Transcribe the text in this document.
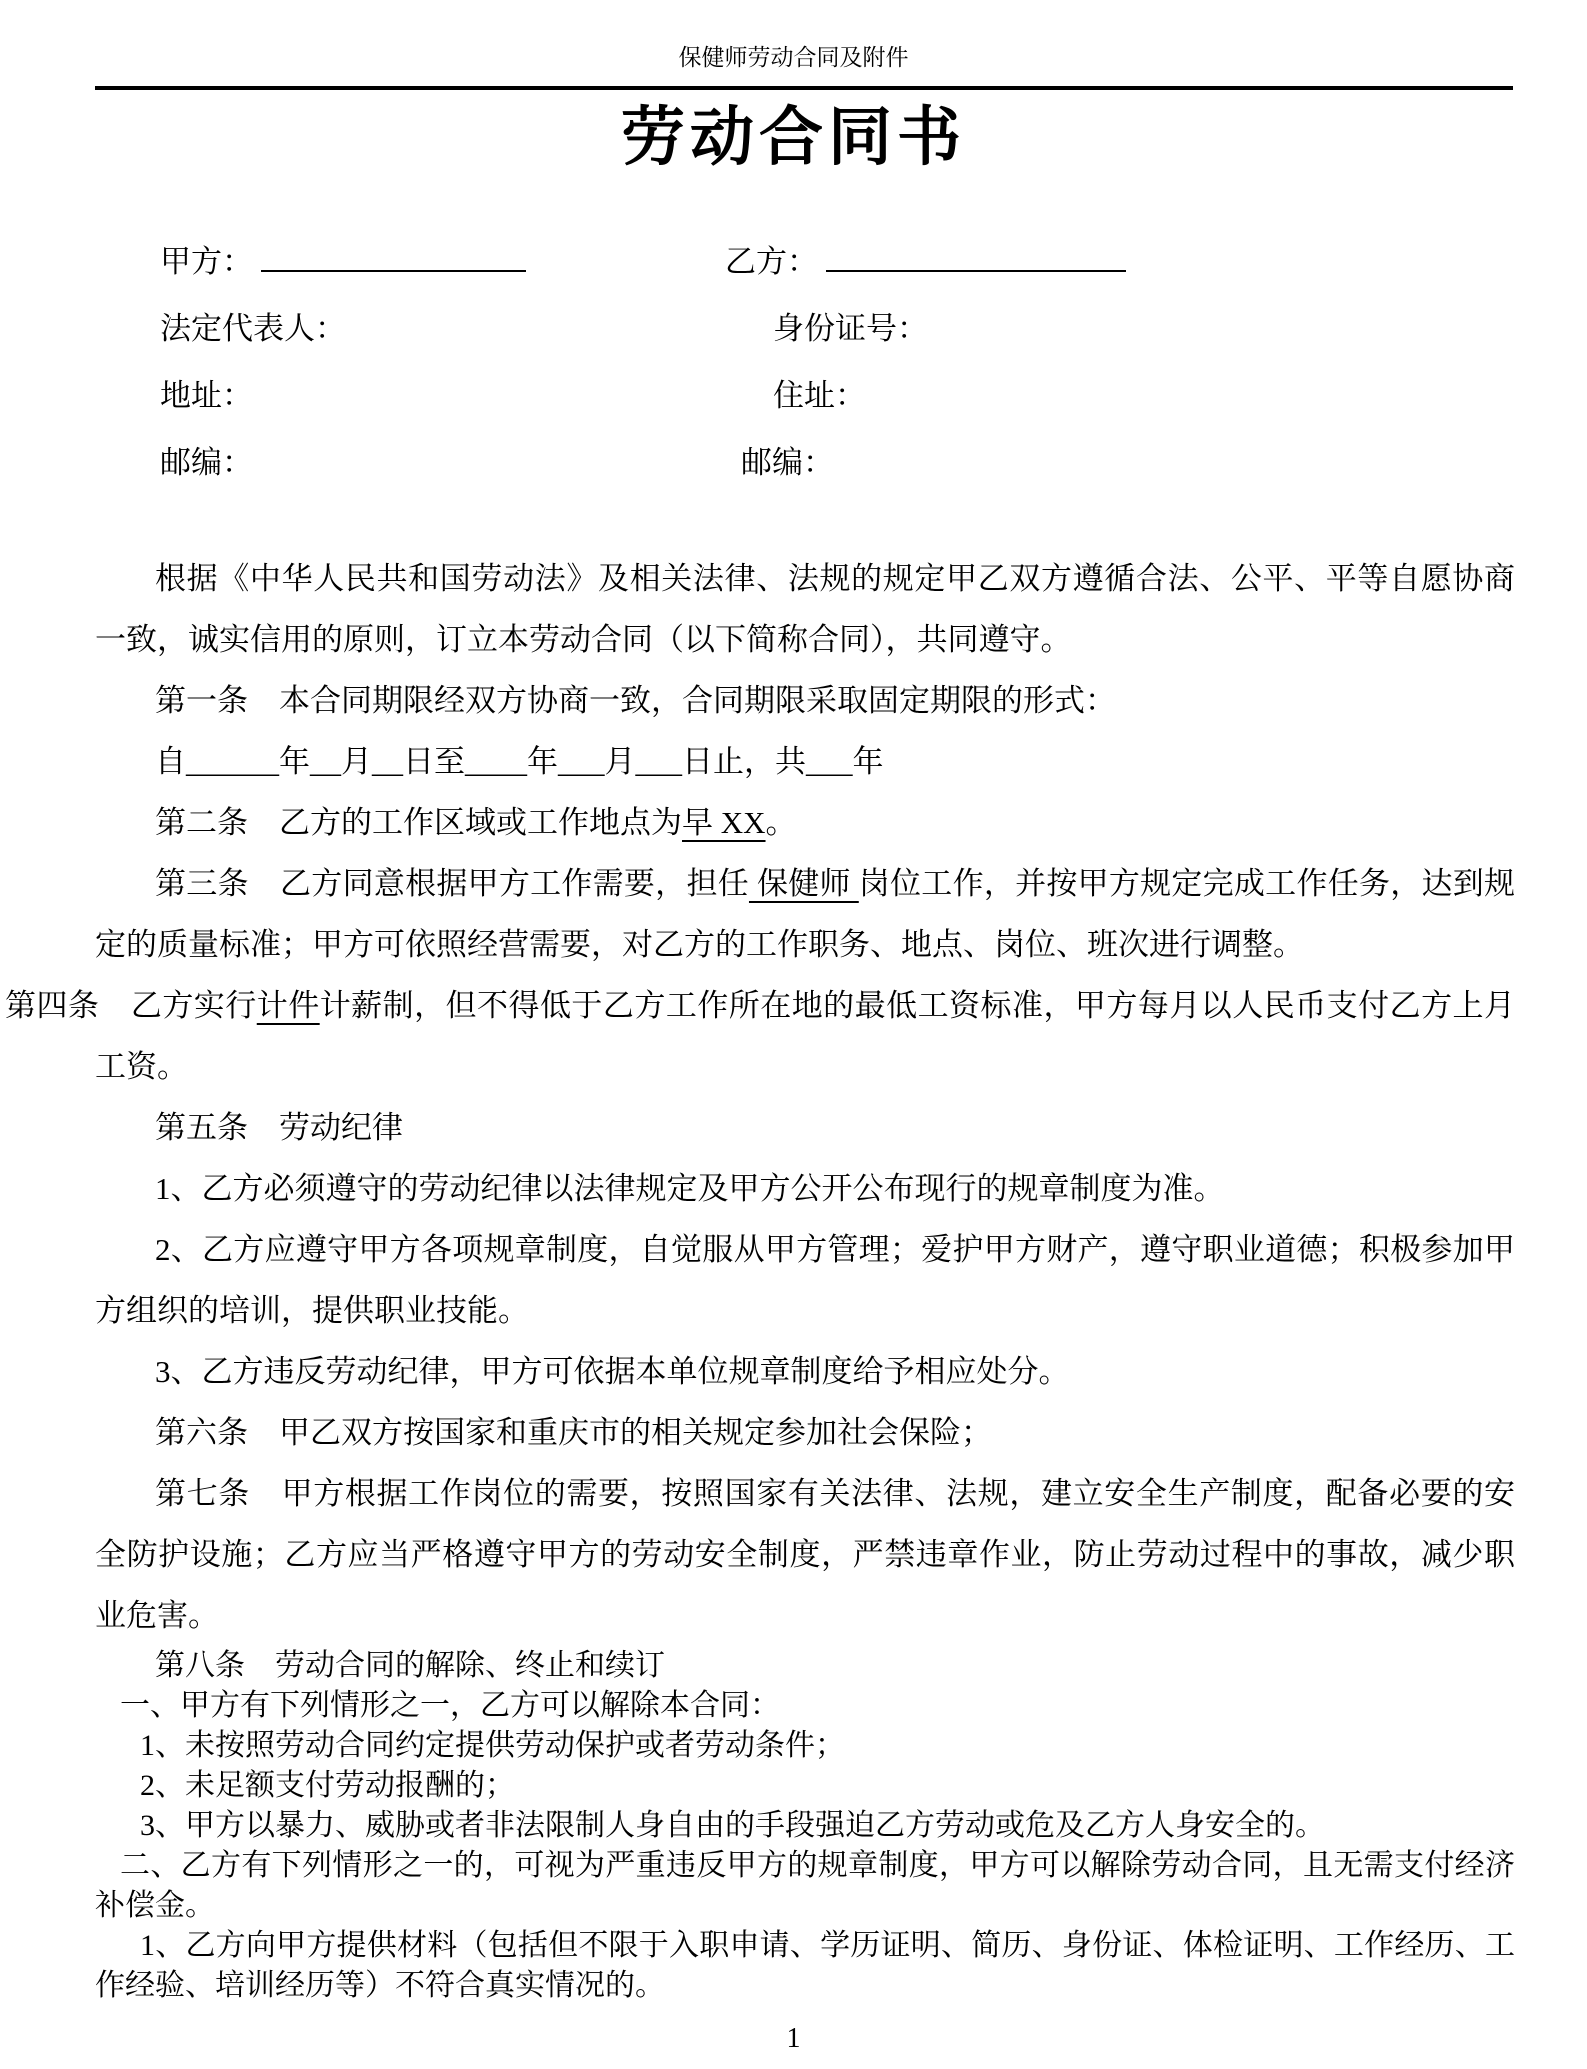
保健师劳动合同及附件
劳动合同书
甲方：	乙方：
法定代表人：	身份证号：
地址：	住址：
邮编：	邮编：

根据《中华人民共和国劳动法》及相关法律、法规的规定甲乙双方遵循合法、公平、平等自愿协商一致，诚实信用的原则，订立本劳动合同（以下简称合同），共同遵守。

第一条　本合同期限经双方协商一致，合同期限采取固定期限的形式：

自______年__月__日至____年___月___日止，共___年

第二条　乙方的工作区域或工作地点为早 XX。

第三条　乙方同意根据甲方工作需要，担任 保健师 岗位工作，并按甲方规定完成工作任务，达到规定的质量标准；甲方可依照经营需要，对乙方的工作职务、地点、岗位、班次进行调整。

第四条　乙方实行计件计薪制，但不得低于乙方工作所在地的最低工资标准，甲方每月以人民币支付乙方上月工资。

第五条　劳动纪律

1、乙方必须遵守的劳动纪律以法律规定及甲方公开公布现行的规章制度为准。

2、乙方应遵守甲方各项规章制度，自觉服从甲方管理；爱护甲方财产，遵守职业道德；积极参加甲方组织的培训，提供职业技能。

3、乙方违反劳动纪律，甲方可依据本单位规章制度给予相应处分。

第六条　甲乙双方按国家和重庆市的相关规定参加社会保险；

第七条　甲方根据工作岗位的需要，按照国家有关法律、法规，建立安全生产制度，配备必要的安全防护设施；乙方应当严格遵守甲方的劳动安全制度，严禁违章作业，防止劳动过程中的事故，减少职业危害。

第八条　劳动合同的解除、终止和续订

一、甲方有下列情形之一，乙方可以解除本合同：

1、未按照劳动合同约定提供劳动保护或者劳动条件；

2、未足额支付劳动报酬的；

3、甲方以暴力、威胁或者非法限制人身自由的手段强迫乙方劳动或危及乙方人身安全的。

二、乙方有下列情形之一的，可视为严重违反甲方的规章制度，甲方可以解除劳动合同，且无需支付经济补偿金。

1、乙方向甲方提供材料（包括但不限于入职申请、学历证明、简历、身份证、体检证明、工作经历、工作经验、培训经历等）不符合真实情况的。

1
